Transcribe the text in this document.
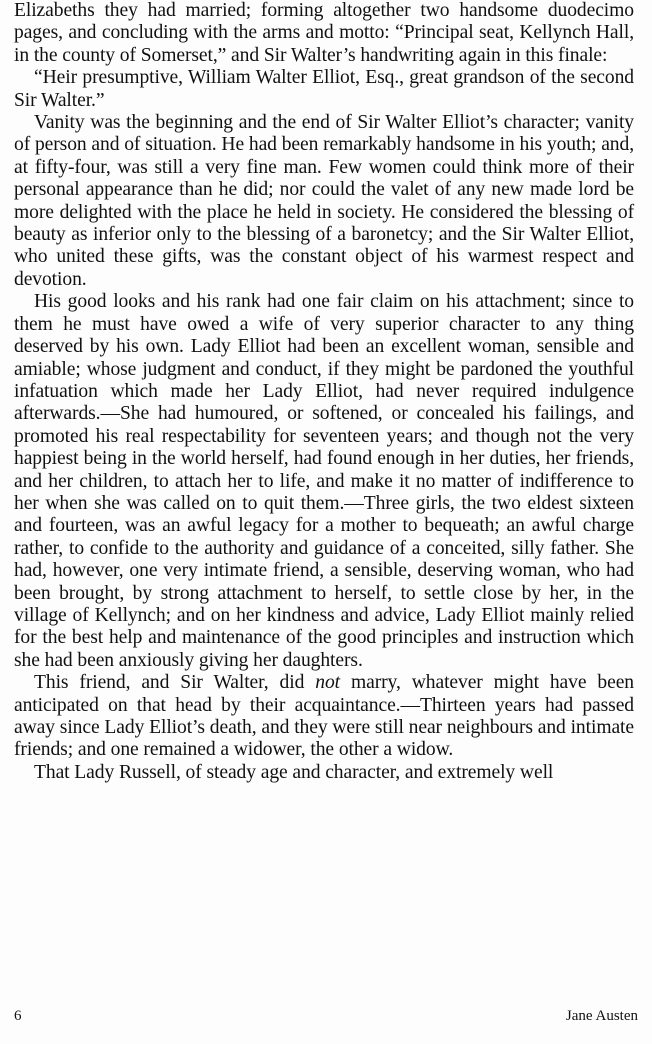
Elizabeths they had married; forming altogether two handsome duodecimo pages, and concluding with the arms and motto: “Principal seat, Kellynch Hall, in the county of Somerset,” and Sir Walter’s handwriting again in this finale:

“Heir presumptive, William Walter Elliot, Esq., great grandson of the second Sir Walter.”

Vanity was the beginning and the end of Sir Walter Elliot’s character; vanity of person and of situation. He had been remarkably handsome in his youth; and, at fifty-four, was still a very fine man. Few women could think more of their personal appearance than he did; nor could the valet of any new made lord be more delighted with the place he held in society. He considered the blessing of beauty as inferior only to the blessing of a baronetcy; and the Sir Walter Elliot, who united these gifts, was the constant object of his warmest respect and devotion.

His good looks and his rank had one fair claim on his attachment; since to them he must have owed a wife of very superior character to any thing deserved by his own. Lady Elliot had been an excellent woman, sensible and amiable; whose judgment and conduct, if they might be pardoned the youthful infatuation which made her Lady Elliot, had never required indulgence afterwards.—She had humoured, or softened, or concealed his failings, and promoted his real respectability for seventeen years; and though not the very happiest being in the world herself, had found enough in her duties, her friends, and her children, to attach her to life, and make it no matter of indifference to her when she was called on to quit them.—Three girls, the two eldest sixteen and fourteen, was an awful legacy for a mother to bequeath; an awful charge rather, to confide to the authority and guidance of a conceited, silly father. She had, however, one very intimate friend, a sensible, deserving woman, who had been brought, by strong attachment to herself, to settle close by her, in the village of Kellynch; and on her kindness and advice, Lady Elliot mainly relied for the best help and maintenance of the good principles and instruction which she had been anxiously giving her daughters.

This friend, and Sir Walter, did not marry, whatever might have been anticipated on that head by their acquaintance.—Thirteen years had passed away since Lady Elliot’s death, and they were still near neighbours and intimate friends; and one remained a widower, the other a widow.

That Lady Russell, of steady age and character, and extremely well

6	Jane Austen
